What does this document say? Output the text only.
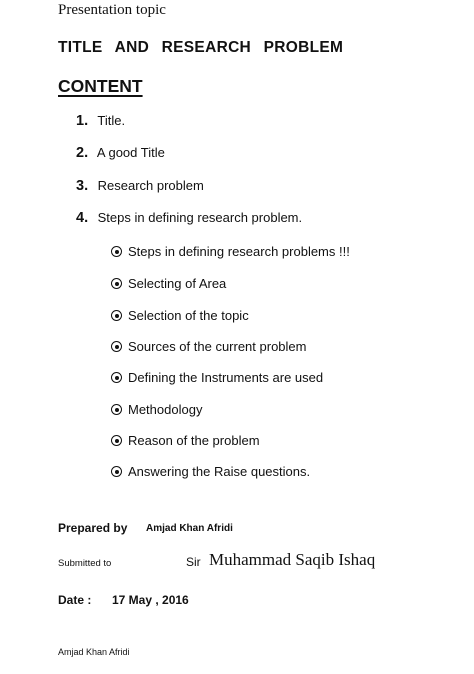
Presentation topic
TITLE AND RESEARCH PROBLEM
CONTENT
1. Title.
2. A good Title
3. Research problem
4. Steps in defining research problem.
Steps in defining research problems !!!
Selecting of Area
Selection of the topic
Sources of the current problem
Defining the Instruments are used
Methodology
Reason of the problem
Answering the Raise questions.
Prepared by Amjad Khan Afridi
Submitted to	Sir Muhammad Saqib Ishaq
Date : 17 May , 2016
Amjad Khan Afridi
